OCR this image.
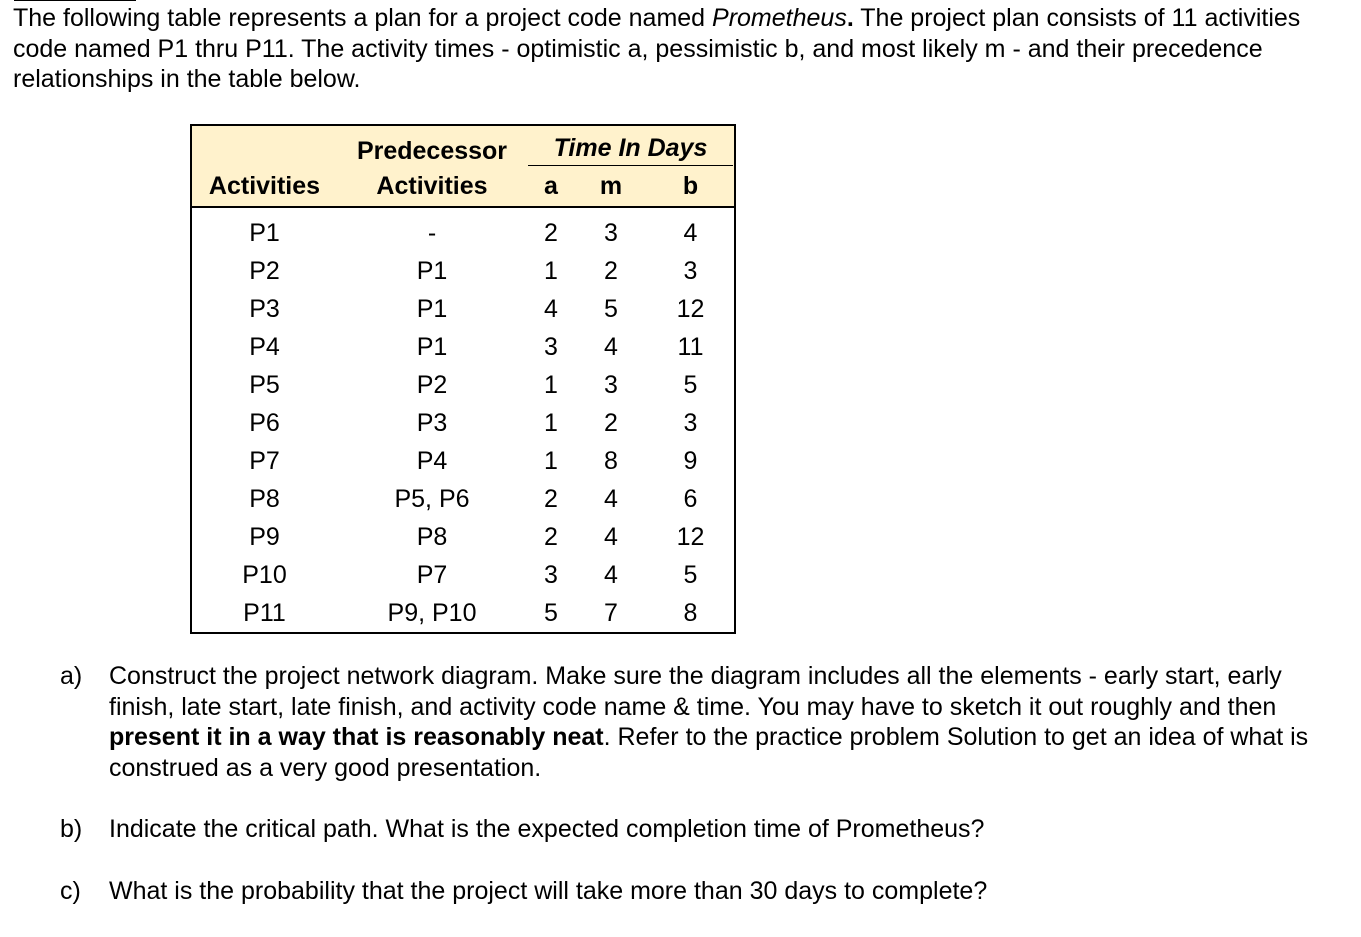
The following table represents a plan for a project code named Prometheus. The project plan consists of 11 activities code named P1 thru P11. The activity times - optimistic a, pessimistic b, and most likely m - and their precedence relationships in the table below.

	Predecessor	Time In Days		
Activities	Activities	a	m	b
P1	-	2	3	4
P2	P1	1	2	3
P3	P1	4	5	12
P4	P1	3	4	11
P5	P2	1	3	5
P6	P3	1	2	3
P7	P4	1	8	9
P8	P5, P6	2	4	6
P9	P8	2	4	12
P10	P7	3	4	5
P11	P9, P10	5	7	8
a)	Construct the project network diagram. Make sure the diagram includes all the elements - early start, early finish, late start, late finish, and activity code name & time. You may have to sketch it out roughly and then present it in a way that is reasonably neat. Refer to the practice problem Solution to get an idea of what is construed as a very good presentation.
b)	Indicate the critical path. What is the expected completion time of Prometheus?
c)	What is the probability that the project will take more than 30 days to complete?
